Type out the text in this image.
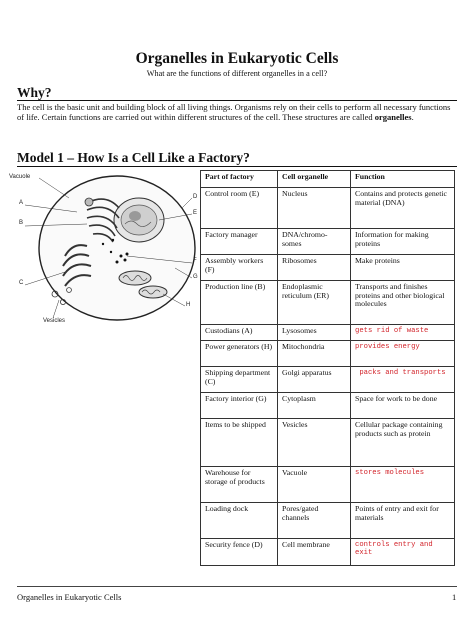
Organelles in Eukaryotic Cells
What are the functions of different organelles in a cell?
Why?
The cell is the basic unit and building block of all living things. Organisms rely on their cells to perform all necessary functions of life. Certain functions are carried out within different structures of the cell. These structures are called organelles.
Model 1 – How Is a Cell Like a Factory?
Vacuole
A
B
C
Vesicles
D
E
F
G
H
Part of factory	Cell organelle	Function
Control room (E)	Nucleus	Contains and protects genetic material (DNA)
Factory manager	DNA/chromo-somes	Information for making proteins
Assembly workers (F)	Ribosomes	Make proteins
Production line (B)	Endoplasmic reticulum (ER)	Transports and finishes proteins and other biological molecules
Custodians (A)	Lysosomes	gets rid of waste
Power generators (H)	Mitochondria	provides energy
Shipping department (C)	Golgi apparatus	packs and transports
Factory interior (G)	Cytoplasm	Space for work to be done
Items to be shipped	Vesicles	Cellular package containing products such as protein
Warehouse for storage of products	Vacuole	stores molecules
Loading dock	Pores/gated channels	Points of entry and exit for materials
Security fence (D)	Cell membrane	controls entry and exit
Organelles in Eukaryotic Cells	1
